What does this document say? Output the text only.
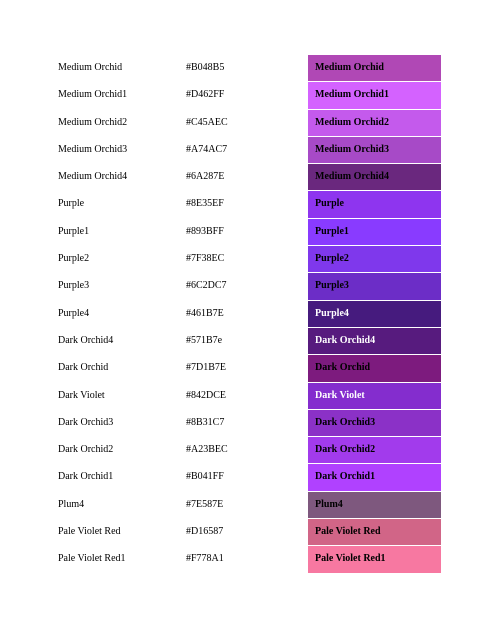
Medium Orchid	#B048B5	Medium Orchid
Medium Orchid1	#D462FF	Medium Orchid1
Medium Orchid2	#C45AEC	Medium Orchid2
Medium Orchid3	#A74AC7	Medium Orchid3
Medium Orchid4	#6A287E	Medium Orchid4
Purple	#8E35EF	Purple
Purple1	#893BFF	Purple1
Purple2	#7F38EC	Purple2
Purple3	#6C2DC7	Purple3
Purple4	#461B7E	Purple4
Dark Orchid4	#571B7e	Dark Orchid4
Dark Orchid	#7D1B7E	Dark Orchid
Dark Violet	#842DCE	Dark Violet
Dark Orchid3	#8B31C7	Dark Orchid3
Dark Orchid2	#A23BEC	Dark Orchid2
Dark Orchid1	#B041FF	Dark Orchid1
Plum4	#7E587E	Plum4
Pale Violet Red	#D16587	Pale Violet Red
Pale Violet Red1	#F778A1	Pale Violet Red1
